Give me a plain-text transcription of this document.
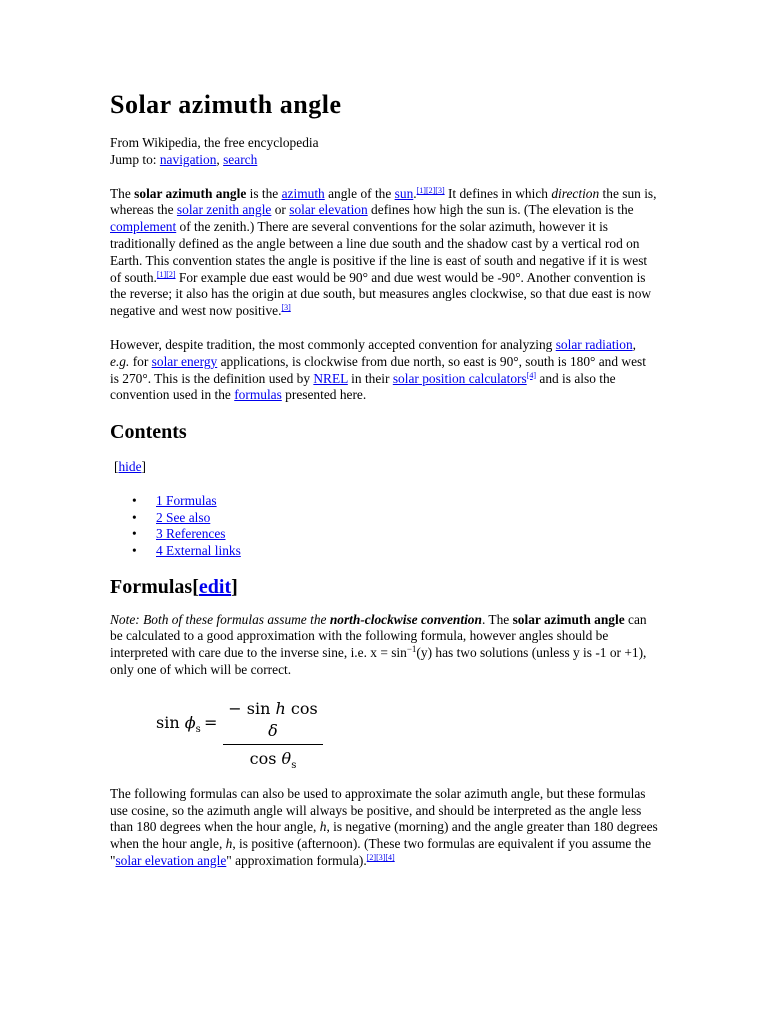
Solar azimuth angle
From Wikipedia, the free encyclopedia
Jump to: navigation, search

The solar azimuth angle is the azimuth angle of the sun.[1][2][3] It defines in which direction the sun is, whereas the solar zenith angle or solar elevation defines how high the sun is. (The elevation is the complement of the zenith.) There are several conventions for the solar azimuth, however it is traditionally defined as the angle between a line due south and the shadow cast by a vertical rod on Earth. This convention states the angle is positive if the line is east of south and negative if it is west of south.[1][2] For example due east would be 90° and due west would be -90°. Another convention is the reverse; it also has the origin at due south, but measures angles clockwise, so that due east is now negative and west now positive.[3]

However, despite tradition, the most commonly accepted convention for analyzing solar radiation, e.g. for solar energy applications, is clockwise from due north, so east is 90°, south is 180° and west is 270°. This is the definition used by NREL in their solar position calculators[4] and is also the convention used in the formulas presented here.

Contents
[hide]
• 1 Formulas
• 2 See also
• 3 References
• 4 External links
Formulas[edit]

Note: Both of these formulas assume the north-clockwise convention. The solar azimuth angle can be calculated to a good approximation with the following formula, however angles should be interpreted with care due to the inverse sine, i.e. $x = \sin^{-1}(y)$ has two solutions (unless y is -1 or +1), only one of which will be correct.

$\sin \phi_s$ =
− sin h cos δ
$\cos \theta_s$

The following formulas can also be used to approximate the solar azimuth angle, but these formulas use cosine, so the azimuth angle will always be positive, and should be interpreted as the angle less than 180 degrees when the hour angle, h, is negative (morning) and the angle greater than 180 degrees when the hour angle, h, is positive (afternoon). (These two formulas are equivalent if you assume the "solar elevation angle" approximation formula).[2][3][4]
